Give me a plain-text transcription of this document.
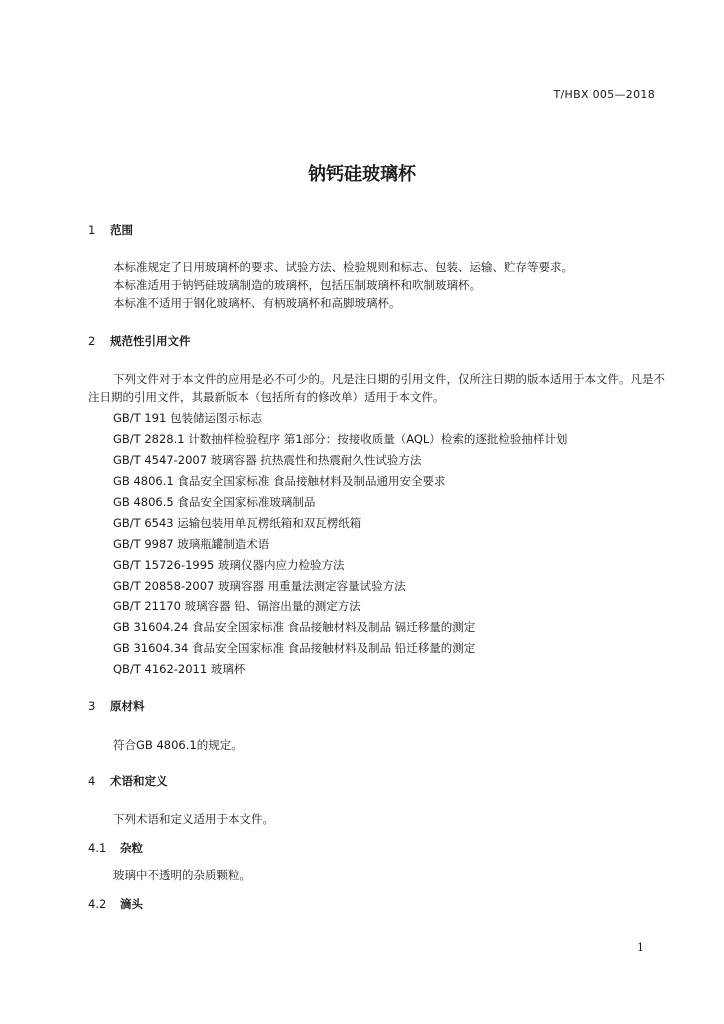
T/HBX 005—2018
钠钙硅玻璃杯
1 范围
本标准规定了日用玻璃杯的要求、试验方法、检验规则和标志、包装、运输、贮存等要求。
本标准适用于钠钙硅玻璃制造的玻璃杯，包括压制玻璃杯和吹制玻璃杯。
本标准不适用于钢化玻璃杯、有柄玻璃杯和高脚玻璃杯。
2 规范性引用文件
下列文件对于本文件的应用是必不可少的。凡是注日期的引用文件，仅所注日期的版本适用于本文件。凡是不注日期的引用文件，其最新版本（包括所有的修改单）适用于本文件。
GB/T 191 包装储运图示标志
GB/T 2828.1 计数抽样检验程序 第1部分：按接收质量（AQL）检索的逐批检验抽样计划
GB/T 4547-2007 玻璃容器 抗热震性和热震耐久性试验方法
GB 4806.1 食品安全国家标准 食品接触材料及制品通用安全要求
GB 4806.5 食品安全国家标准玻璃制品
GB/T 6543 运输包装用单瓦楞纸箱和双瓦楞纸箱
GB/T 9987 玻璃瓶罐制造术语
GB/T 15726-1995 玻璃仪器内应力检验方法
GB/T 20858-2007 玻璃容器 用重量法测定容量试验方法
GB/T 21170 玻璃容器 铅、镉溶出量的测定方法
GB 31604.24 食品安全国家标准 食品接触材料及制品 镉迁移量的测定
GB 31604.34 食品安全国家标准 食品接触材料及制品 铅迁移量的测定
QB/T 4162-2011 玻璃杯
3 原材料
符合GB 4806.1的规定。
4 术语和定义
下列术语和定义适用于本文件。
4.1 杂粒
玻璃中不透明的杂质颗粒。
4.2 滴头
1
